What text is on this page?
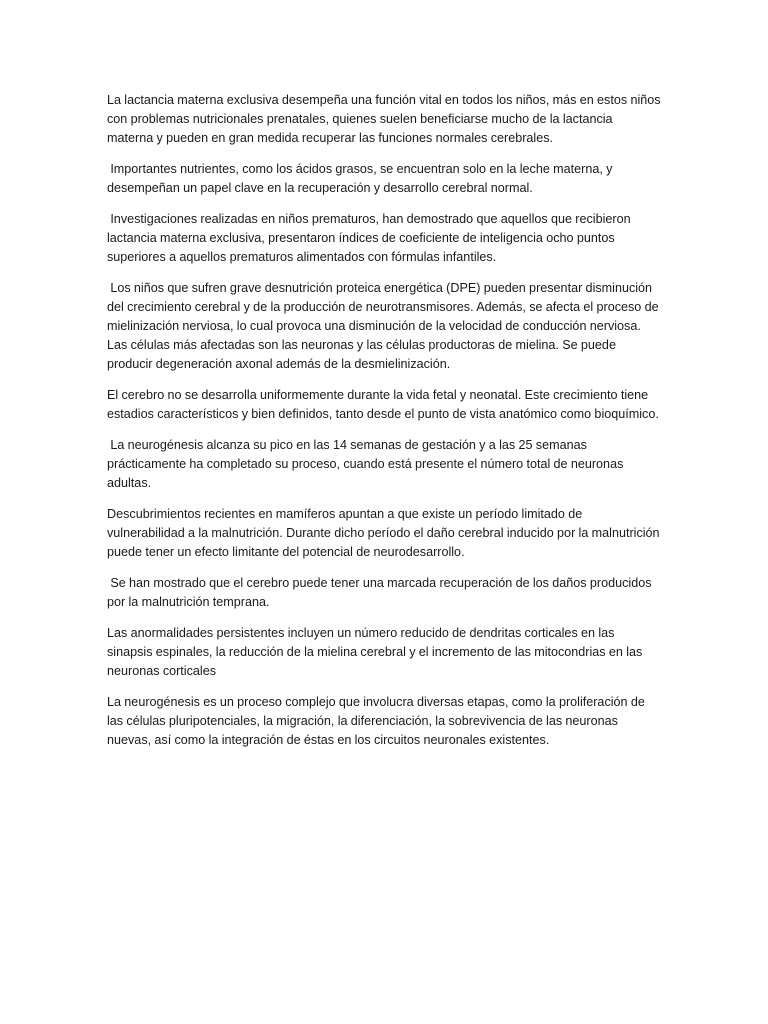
La lactancia materna exclusiva desempeña una función vital en todos los niños, más en estos niños con problemas nutricionales prenatales, quienes suelen beneficiarse mucho de la lactancia materna y pueden en gran medida recuperar las funciones normales cerebrales.

Importantes nutrientes, como los ácidos grasos, se encuentran solo en la leche materna, y desempeñan un papel clave en la recuperación y desarrollo cerebral normal.

Investigaciones realizadas en niños prematuros, han demostrado que aquellos que recibieron lactancia materna exclusiva, presentaron índices de coeficiente de inteligencia ocho puntos superiores a aquellos prematuros alimentados con fórmulas infantiles.

Los niños que sufren grave desnutrición proteica energética (DPE) pueden presentar disminución del crecimiento cerebral y de la producción de neurotransmisores. Además, se afecta el proceso de mielinización nerviosa, lo cual provoca una disminución de la velocidad de conducción nerviosa. Las células más afectadas son las neuronas y las células productoras de mielina. Se puede producir degeneración axonal además de la desmielinización.

El cerebro no se desarrolla uniformemente durante la vida fetal y neonatal. Este crecimiento tiene estadios característicos y bien definidos, tanto desde el punto de vista anatómico como bioquímico.

La neurogénesis alcanza su pico en las 14 semanas de gestación y a las 25 semanas prácticamente ha completado su proceso, cuando está presente el número total de neuronas adultas.

Descubrimientos recientes en mamíferos apuntan a que existe un período limitado de vulnerabilidad a la malnutrición. Durante dicho período el daño cerebral inducido por la malnutrición puede tener un efecto limitante del potencial de neurodesarrollo.

Se han mostrado que el cerebro puede tener una marcada recuperación de los daños producidos por la malnutrición temprana.

Las anormalidades persistentes incluyen un número reducido de dendritas corticales en las sinapsis espinales, la reducción de la mielina cerebral y el incremento de las mitocondrias en las neuronas corticales

La neurogénesis es un proceso complejo que involucra diversas etapas, como la proliferación de las células pluripotenciales, la migración, la diferenciación, la sobrevivencia de las neuronas nuevas, así como la integración de éstas en los circuitos neuronales existentes.
